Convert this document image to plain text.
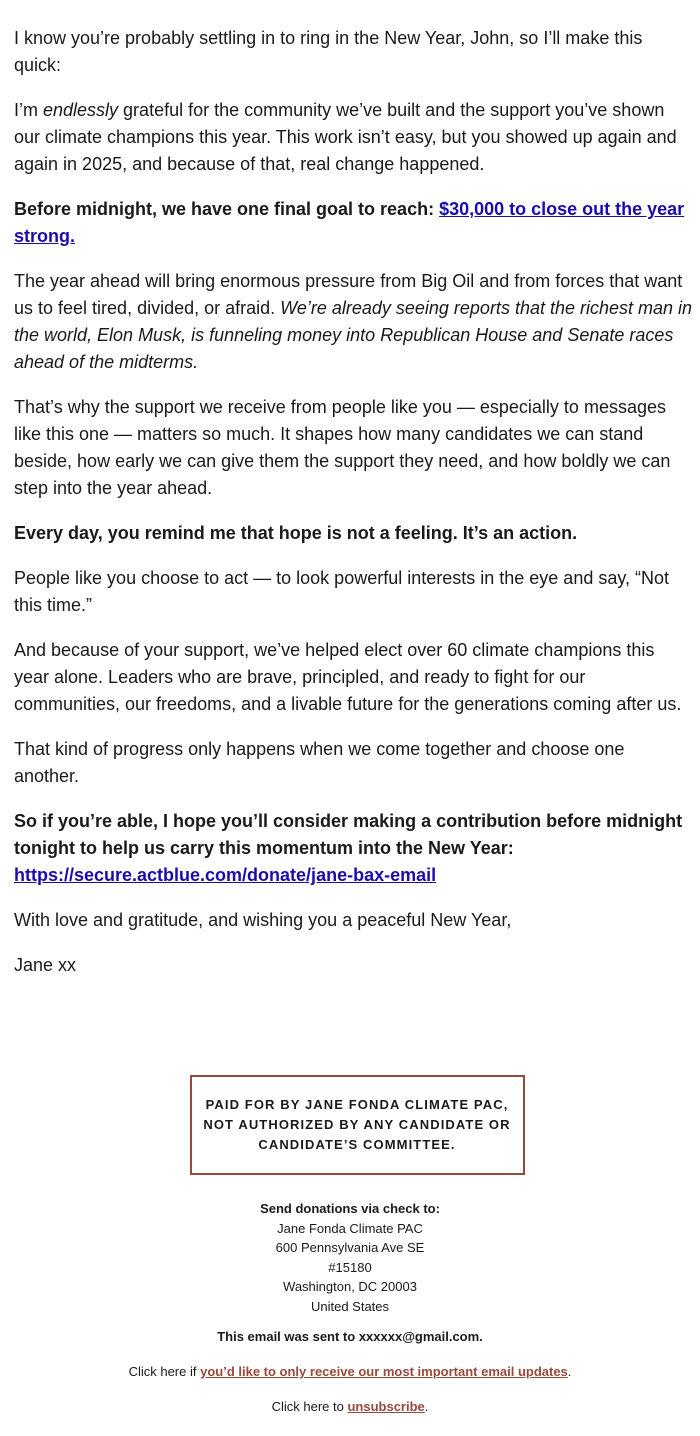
I know you’re probably settling in to ring in the New Year, John, so I’ll make this quick:

I’m endlessly grateful for the community we’ve built and the support you’ve shown our climate champions this year. This work isn’t easy, but you showed up again and again in 2025, and because of that, real change happened.

Before midnight, we have one final goal to reach: $30,000 to close out the year strong.

The year ahead will bring enormous pressure from Big Oil and from forces that want us to feel tired, divided, or afraid. We’re already seeing reports that the richest man in the world, Elon Musk, is funneling money into Republican House and Senate races ahead of the midterms.

That’s why the support we receive from people like you — especially to messages like this one — matters so much. It shapes how many candidates we can stand beside, how early we can give them the support they need, and how boldly we can step into the year ahead.

Every day, you remind me that hope is not a feeling. It’s an action.

People like you choose to act — to look powerful interests in the eye and say, “Not this time.”

And because of your support, we’ve helped elect over 60 climate champions this year alone. Leaders who are brave, principled, and ready to fight for our communities, our freedoms, and a livable future for the generations coming after us.

That kind of progress only happens when we come together and choose one another.

So if you’re able, I hope you’ll consider making a contribution before midnight tonight to help us carry this momentum into the New Year: https://secure.actblue.com/donate/jane-bax-email

With love and gratitude, and wishing you a peaceful New Year,

Jane xx

PAID FOR BY JANE FONDA CLIMATE PAC,
NOT AUTHORIZED BY ANY CANDIDATE OR
CANDIDATE’S COMMITTEE.
Send donations via check to:
Jane Fonda Climate PAC
600 Pennsylvania Ave SE
#15180
Washington, DC 20003
United States
This email was sent to xxxxxx@gmail.com.
Click here if you’d like to only receive our most important email updates.
Click here to unsubscribe.
